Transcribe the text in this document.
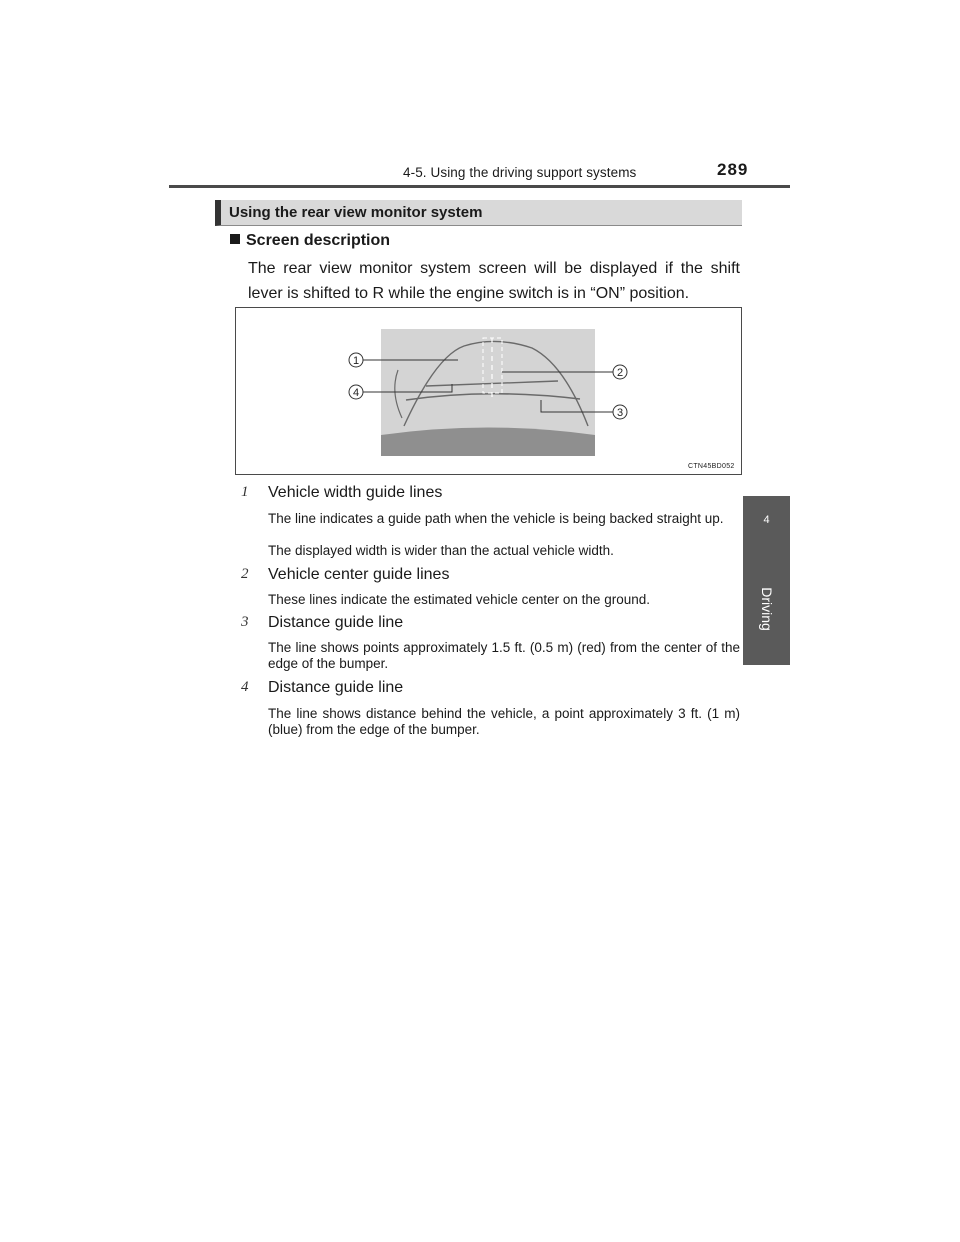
4-5. Using the driving support systems	289
4
Driving
Using the rear view monitor system
Screen description
The rear view monitor system screen will be displayed if the shift lever is shifted to R while the engine switch is in “ON” position.
1
4
2
3
CTN45BD052
1 Vehicle width guide lines
The line indicates a guide path when the vehicle is being backed straight up.
The displayed width is wider than the actual vehicle width.
2 Vehicle center guide lines
These lines indicate the estimated vehicle center on the ground.
3 Distance guide line
The line shows points approximately 1.5 ft. (0.5 m) (red) from the center of the edge of the bumper.
4 Distance guide line
The line shows distance behind the vehicle, a point approximately 3 ft. (1 m) (blue) from the edge of the bumper.
